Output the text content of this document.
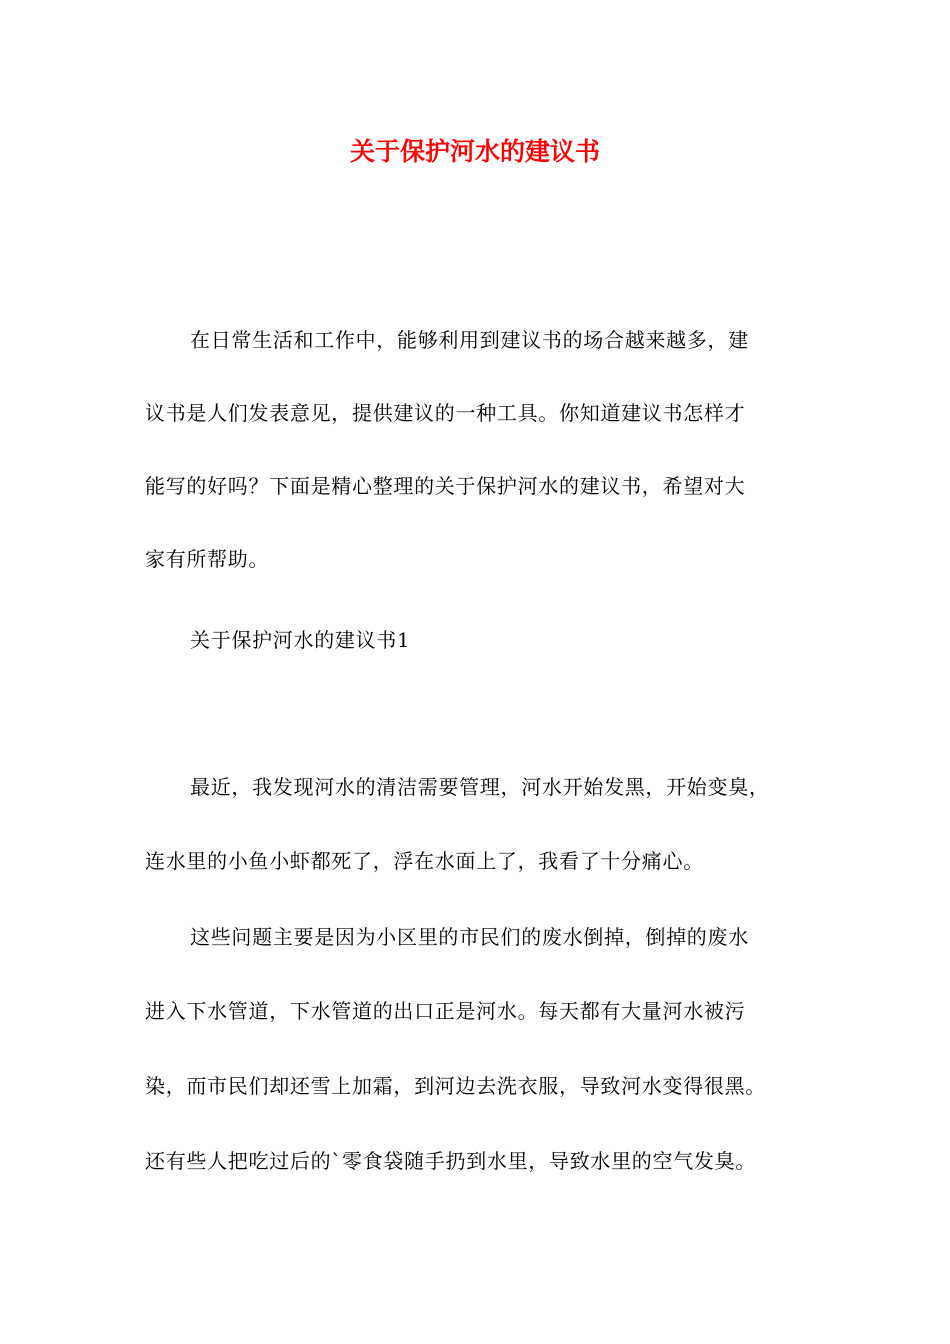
关于保护河水的建议书
在日常生活和工作中，能够利用到建议书的场合越来越多，建
议书是人们发表意见，提供建议的一种工具。你知道建议书怎样才
能写的好吗？下面是精心整理的关于保护河水的建议书，希望对大
家有所帮助。
关于保护河水的建议书1
最近，我发现河水的清洁需要管理，河水开始发黑，开始变臭，
连水里的小鱼小虾都死了，浮在水面上了，我看了十分痛心。
这些问题主要是因为小区里的市民们的废水倒掉，倒掉的废水
进入下水管道，下水管道的出口正是河水。每天都有大量河水被污
染，而市民们却还雪上加霜，到河边去洗衣服，导致河水变得很黑。
还有些人把吃过后的`零食袋随手扔到水里，导致水里的空气发臭。
